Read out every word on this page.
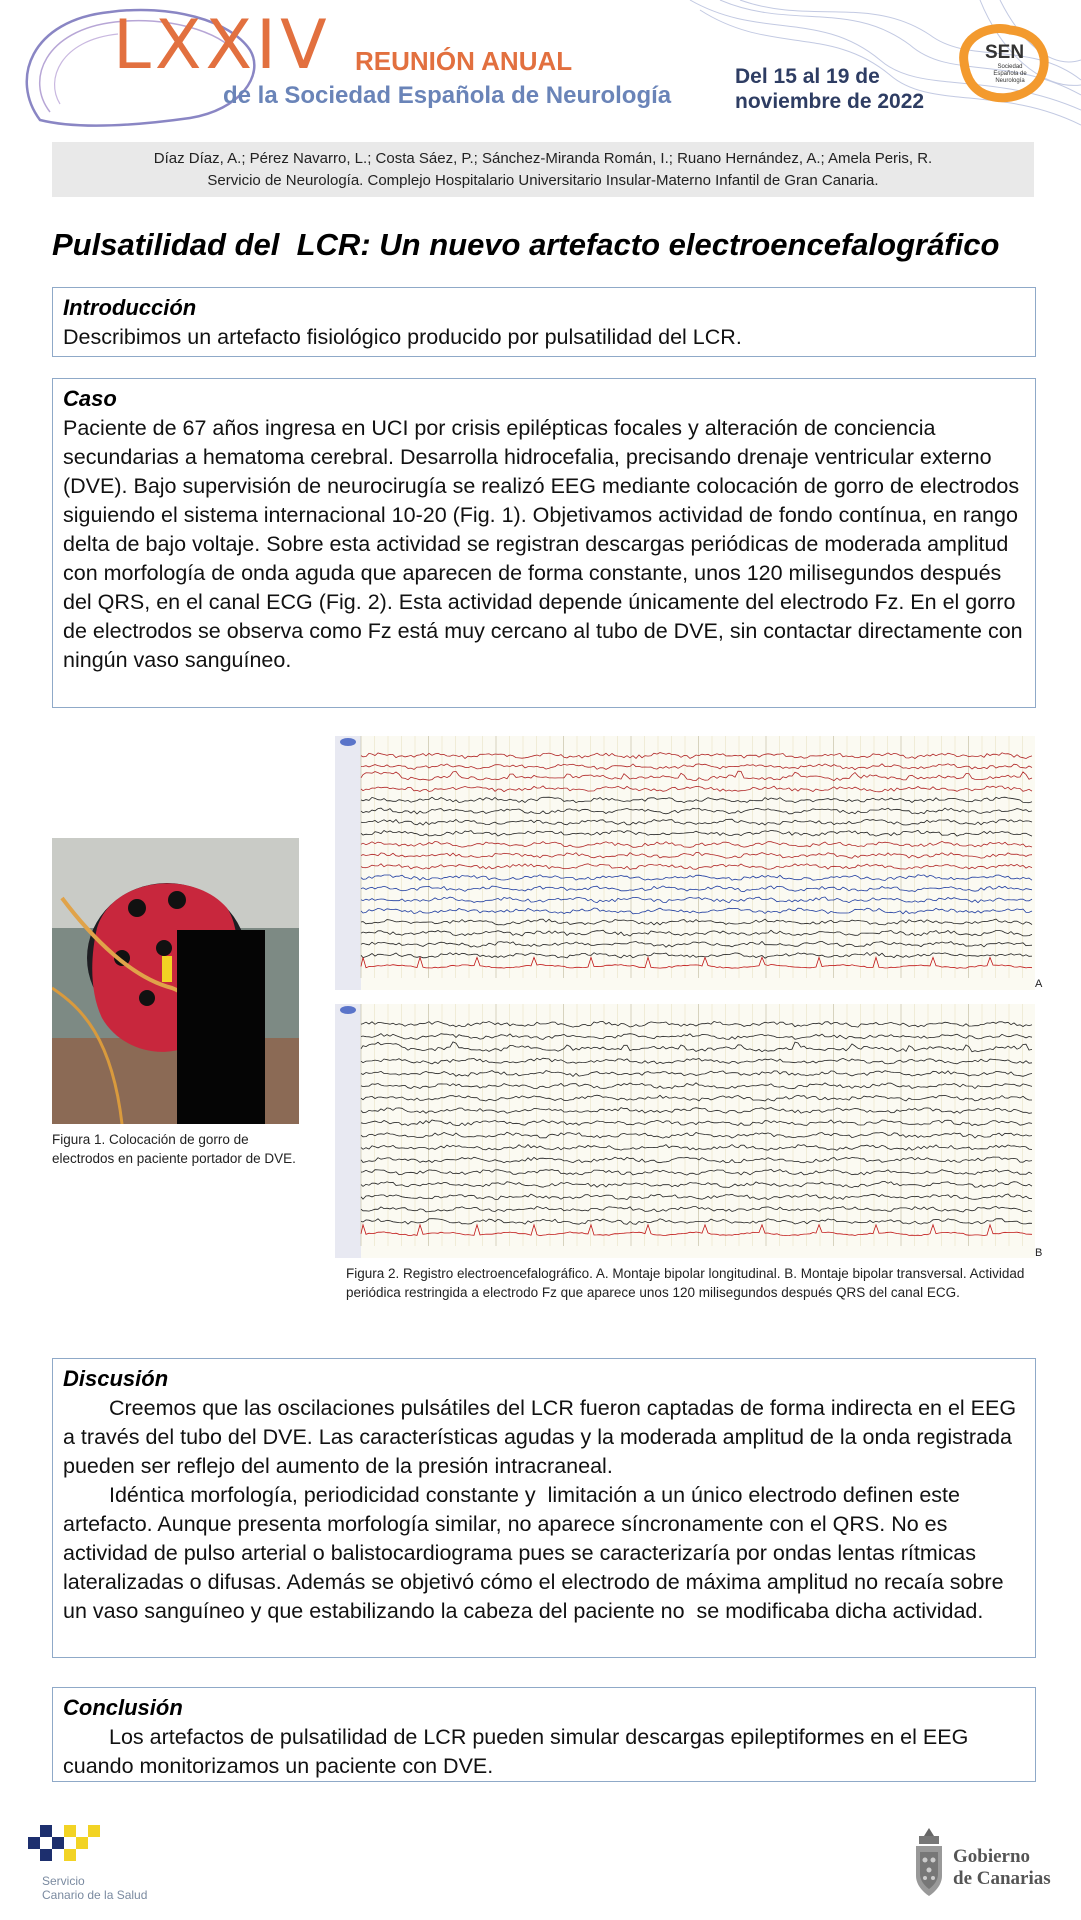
SEN
Sociedad Española de Neurología
LXXIV REUNIÓN ANUAL
de la Sociedad Española de Neurología
Del 15 al 19 de
noviembre de 2022
Díaz Díaz, A.; Pérez Navarro, L.; Costa Sáez, P.; Sánchez-Miranda Román, I.; Ruano Hernández, A.; Amela Peris, R.
Servicio de Neurología. Complejo Hospitalario Universitario Insular-Materno Infantil de Gran Canaria.
Pulsatilidad del  LCR: Un nuevo artefacto electroencefalográfico
Introducción
Describimos un artefacto fisiológico producido por pulsatilidad del LCR.
Caso
Paciente de 67 años ingresa en UCI por crisis epilépticas focales y alteración de conciencia secundarias a hematoma cerebral. Desarrolla hidrocefalia, precisando drenaje ventricular externo (DVE). Bajo supervisión de neurocirugía se realizó EEG mediante colocación de gorro de electrodos siguiendo el sistema internacional 10-20 (Fig. 1). Objetivamos actividad de fondo contínua, en rango delta de bajo voltaje. Sobre esta actividad se registran descargas periódicas de moderada amplitud con morfología de onda aguda que aparecen de forma constante, unos 120 milisegundos después del QRS, en el canal ECG (Fig. 2). Esta actividad depende únicamente del electrodo Fz. En el gorro de electrodos se observa como Fz está muy cercano al tubo de DVE, sin contactar directamente con ningún vaso sanguíneo.
Figura 1. Colocación de gorro de electrodos en paciente portador de DVE.
A
B
Figura 2. Registro electroencefalográfico. A. Montaje bipolar longitudinal. B. Montaje bipolar transversal. Actividad periódica restringida a electrodo Fz que aparece unos 120 milisegundos después QRS del canal ECG.
Discusión
Creemos que las oscilaciones pulsátiles del LCR fueron captadas de forma indirecta en el EEG a través del tubo del DVE. Las características agudas y la moderada amplitud de la onda registrada pueden ser reflejo del aumento de la presión intracraneal.
Idéntica morfología, periodicidad constante y  limitación a un único electrodo definen este artefacto. Aunque presenta morfología similar, no aparece síncronamente con el QRS. No es actividad de pulso arterial o balistocardiograma pues se caracterizaría por ondas lentas rítmicas lateralizadas o difusas. Además se objetivó cómo el electrodo de máxima amplitud no recaía sobre un vaso sanguíneo y que estabilizando la cabeza del paciente no  se modificaba dicha actividad.
Conclusión
Los artefactos de pulsatilidad de LCR pueden simular descargas epileptiformes en el EEG cuando monitorizamos un paciente con DVE.
Servicio
Canario de la Salud
Gobierno
de Canarias
